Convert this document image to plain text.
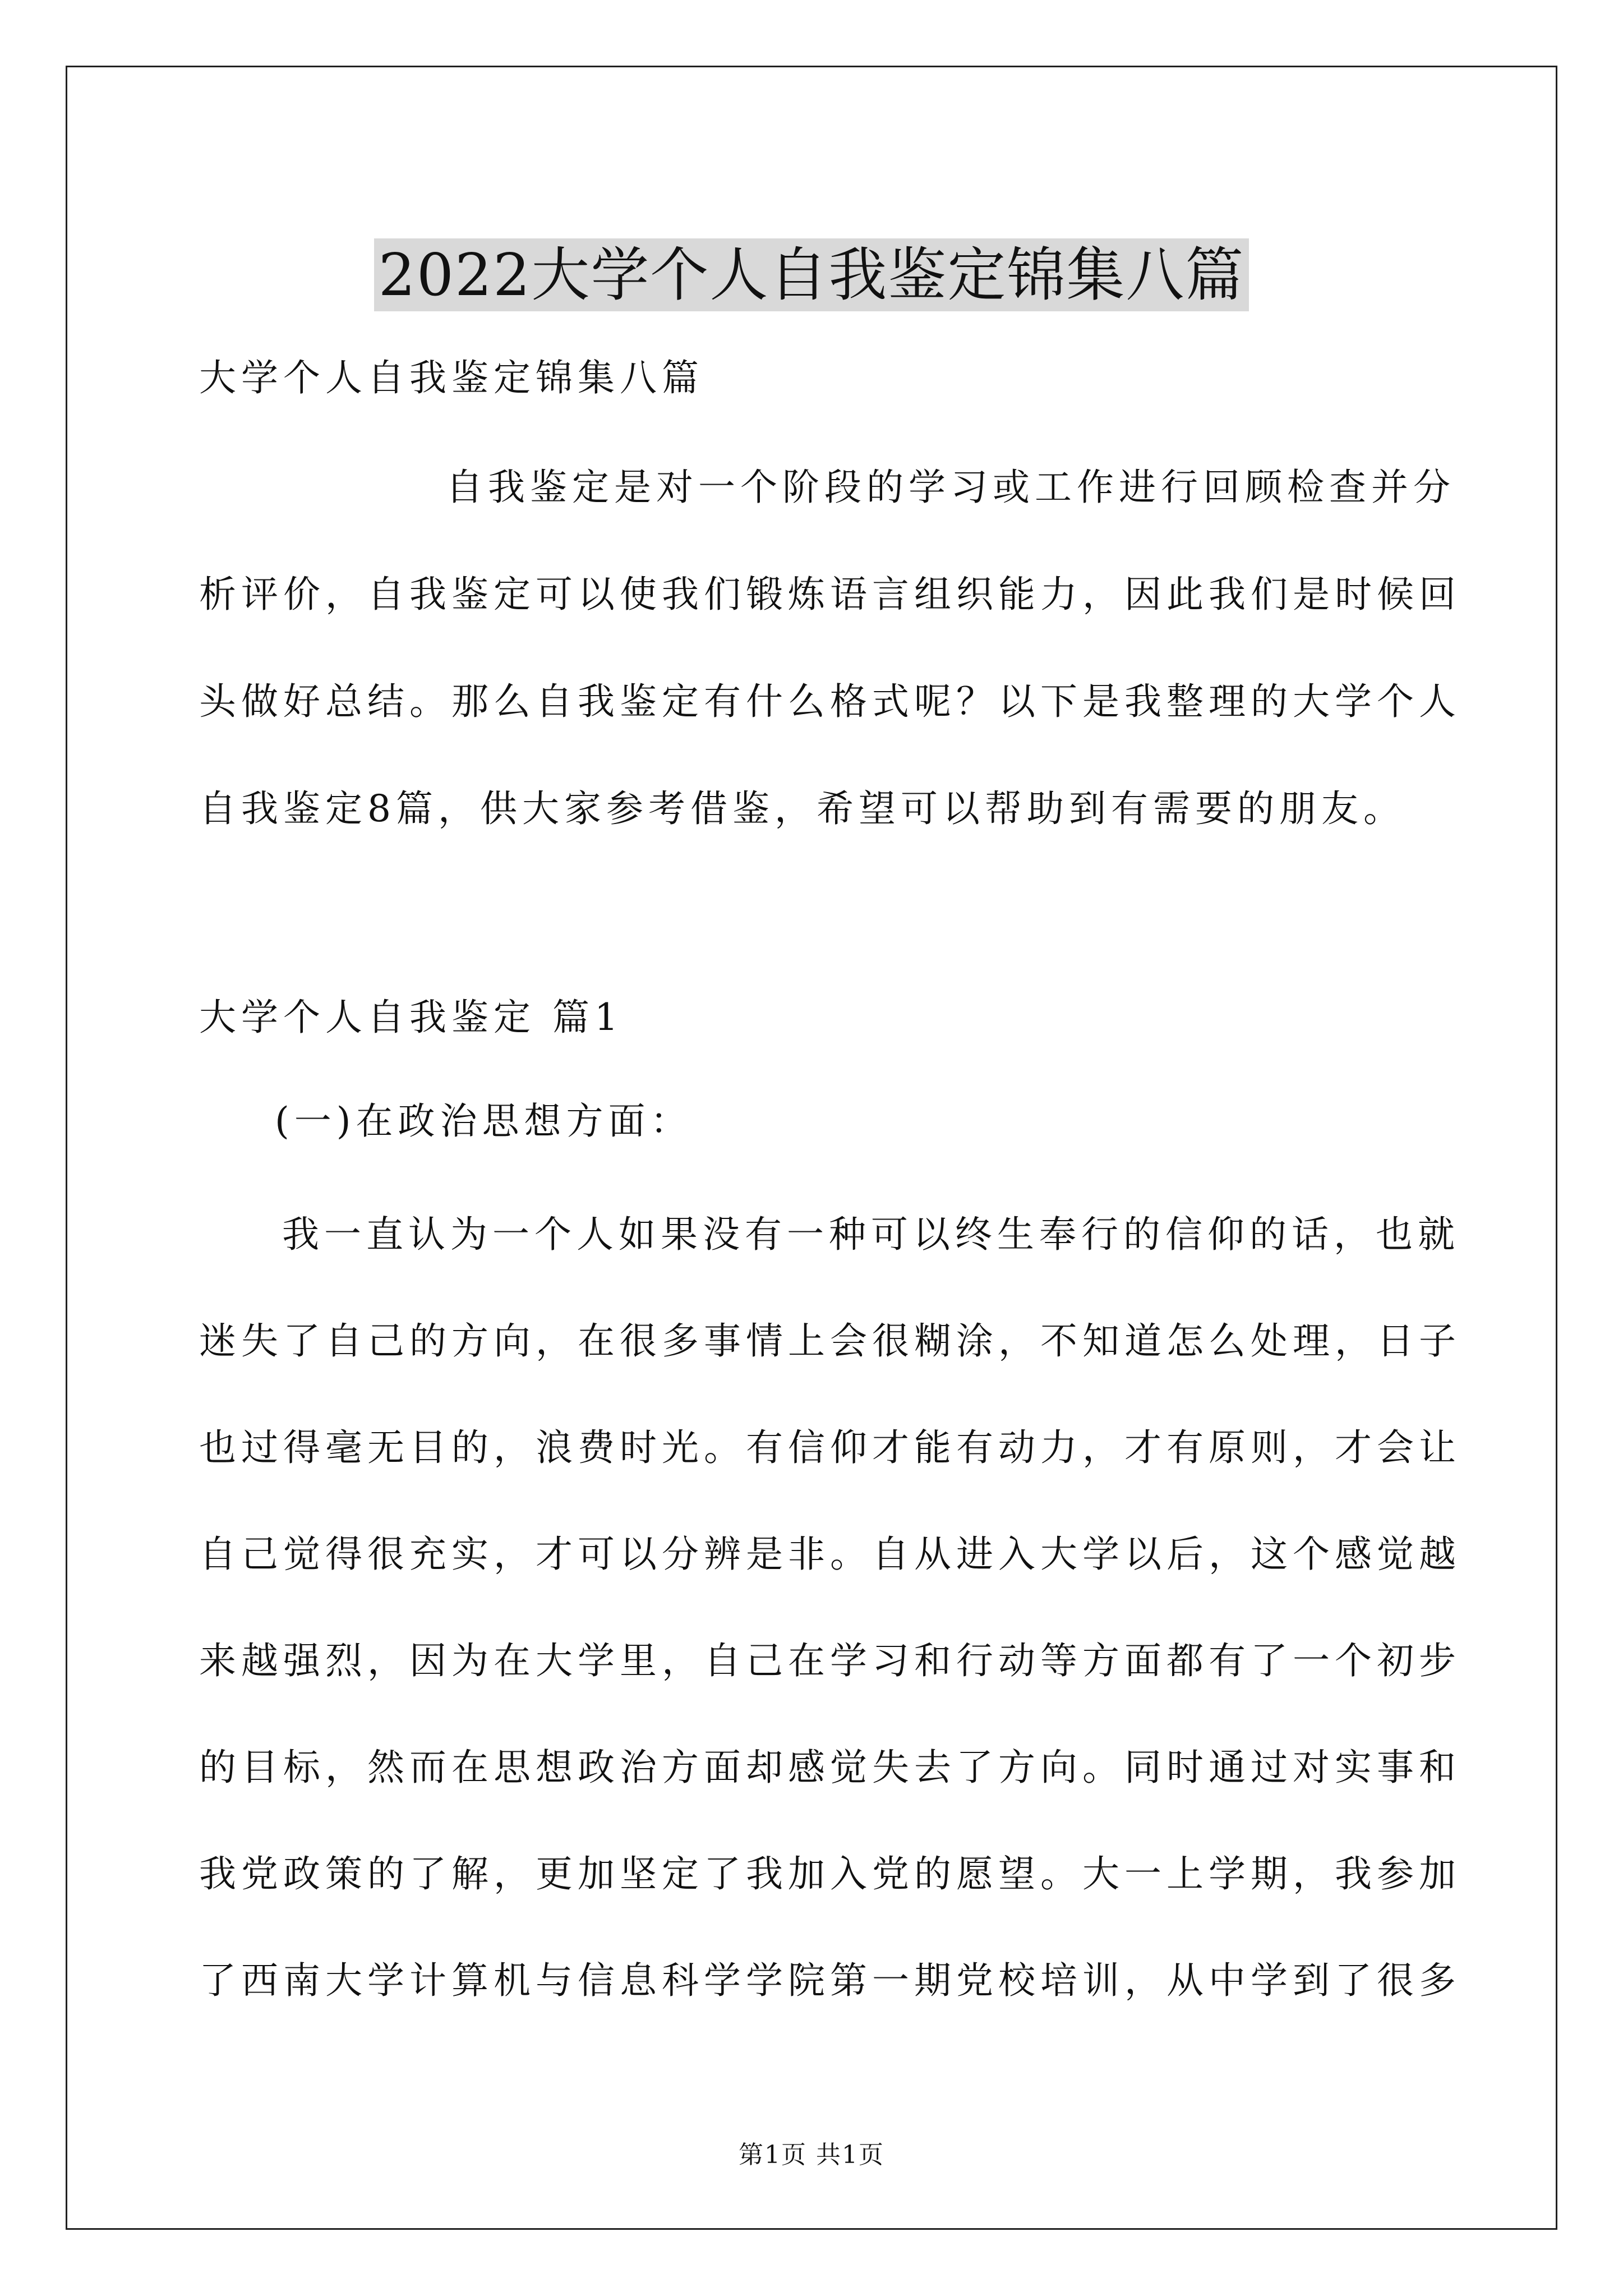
2022大学个人自我鉴定锦集八篇

大学个人自我鉴定锦集八篇

自我鉴定是对一个阶段的学习或工作进行回顾检查并分

析评价，自我鉴定可以使我们锻炼语言组织能力，因此我们是时候回

头做好总结。那么自我鉴定有什么格式呢？以下是我整理的大学个人

自我鉴定8篇，供大家参考借鉴，希望可以帮助到有需要的朋友。

大学个人自我鉴定 篇1

(一)在政治思想方面：

我一直认为一个人如果没有一种可以终生奉行的信仰的话，也就

迷失了自己的方向，在很多事情上会很糊涂，不知道怎么处理，日子

也过得毫无目的，浪费时光。有信仰才能有动力，才有原则，才会让

自己觉得很充实，才可以分辨是非。自从进入大学以后，这个感觉越

来越强烈，因为在大学里，自己在学习和行动等方面都有了一个初步

的目标，然而在思想政治方面却感觉失去了方向。同时通过对实事和

我党政策的了解，更加坚定了我加入党的愿望。大一上学期，我参加

了西南大学计算机与信息科学学院第一期党校培训，从中学到了很多

第1页 共1页
